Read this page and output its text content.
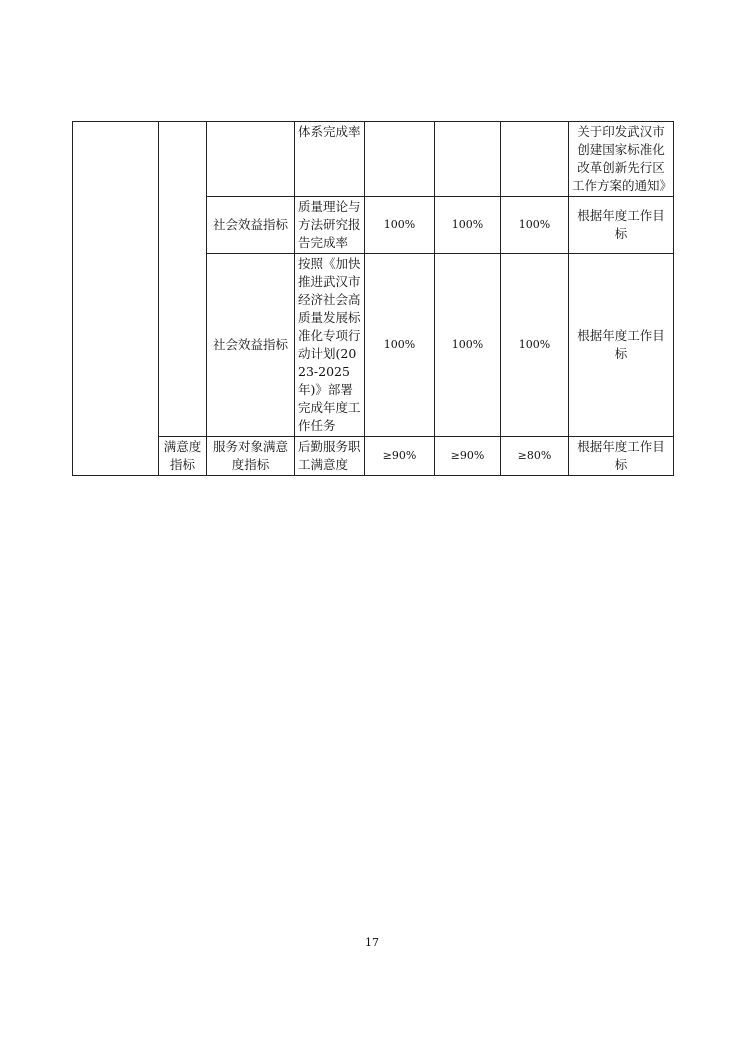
			体系完成率				关于印发武汉市创建国家标准化改革创新先行区工作方案的通知》
		社会效益指标	质量理论与方法研究报告完成率	100%	100%	100%	根据年度工作目标
		社会效益指标	按照《加快推进武汉市经济社会高质量发展标准化专项行动计划(2023-2025年)》部署完成年度工作任务	100%	100%	100%	根据年度工作目标
	满意度指标	服务对象满意度指标	后勤服务职工满意度	≥90%	≥90%	≥80%	根据年度工作目标
17
